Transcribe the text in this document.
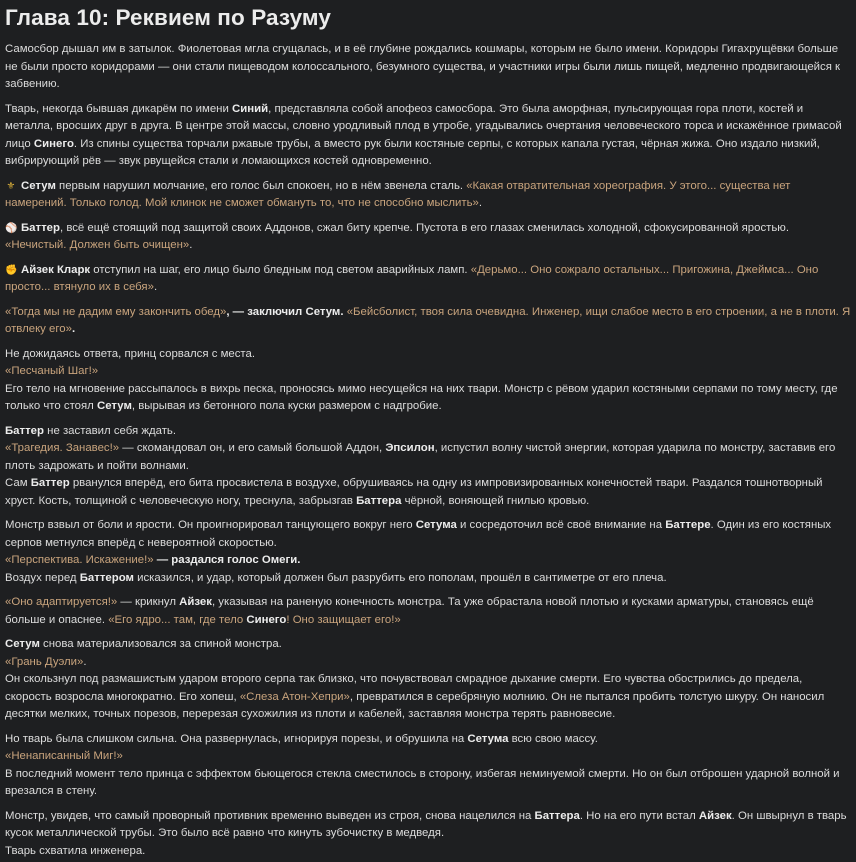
Глава 10: Реквием по Разуму

Самосбор дышал им в затылок. Фиолетовая мгла сгущалась, и в её глубине рождались кошмары, которым не было имени. Коридоры Гигахрущёвки больше не были просто коридорами — они стали пищеводом колоссального, безумного существа, и участники игры были лишь пищей, медленно продвигающейся к забвению.

Тварь, некогда бывшая дикарём по имени Синий, представляла собой апофеоз самосбора. Это была аморфная, пульсирующая гора плоти, костей и металла, вросших друг в друга. В центре этой массы, словно уродливый плод в утробе, угадывались очертания человеческого торса и искажённое гримасой лицо Синего. Из спины существа торчали ржавые трубы, а вместо рук были костяные серпы, с которых капала густая, чёрная жижа. Оно издало низкий, вибрирующий рёв — звук рвущейся стали и ломающихся костей одновременно.

⚜ Сетум первым нарушил молчание, его голос был спокоен, но в нём звенела сталь. «Какая отвратительная хореография. У этого... существа нет намерений. Только голод. Мой клинок не сможет обмануть то, что не способно мыслить».

⚾ Баттер, всё ещё стоящий под защитой своих Аддонов, сжал биту крепче. Пустота в его глазах сменилась холодной, сфокусированной яростью. «Нечистый. Должен быть очищен».

✊ Айзек Кларк отступил на шаг, его лицо было бледным под светом аварийных ламп. «Дерьмо... Оно сожрало остальных... Пригожина, Джеймса... Оно просто... втянуло их в себя».

«Тогда мы не дадим ему закончить обед», — заключил Сетум. «Бейсболист, твоя сила очевидна. Инженер, ищи слабое место в его строении, а не в плоти. Я отвлеку его».

Не дожидаясь ответа, принц сорвался с места.
«Песчаный Шаг!»
Его тело на мгновение рассыпалось в вихрь песка, проносясь мимо несущейся на них твари. Монстр с рёвом ударил костяными серпами по тому месту, где только что стоял Сетум, вырывая из бетонного пола куски размером с надгробие.

Баттер не заставил себя ждать.
«Трагедия. Занавес!» — скомандовал он, и его самый большой Аддон, Эпсилон, испустил волну чистой энергии, которая ударила по монстру, заставив его плоть задрожать и пойти волнами.
Сам Баттер рванулся вперёд, его бита просвистела в воздухе, обрушиваясь на одну из импровизированных конечностей твари. Раздался тошнотворный хруст. Кость, толщиной с человеческую ногу, треснула, забрызгав Баттера чёрной, воняющей гнилью кровью.

Монстр взвыл от боли и ярости. Он проигнорировал танцующего вокруг него Сетума и сосредоточил всё своё внимание на Баттере. Один из его костяных серпов метнулся вперёд с невероятной скоростью.
«Перспектива. Искажение!» — раздался голос Омеги.
Воздух перед Баттером исказился, и удар, который должен был разрубить его пополам, прошёл в сантиметре от его плеча.

«Оно адаптируется!» — крикнул Айзек, указывая на раненую конечность монстра. Та уже обрастала новой плотью и кусками арматуры, становясь ещё больше и опаснее. «Его ядро... там, где тело Синего! Оно защищает его!»

Сетум снова материализовался за спиной монстра.
«Грань Дуэли».
Он скользнул под размашистым ударом второго серпа так близко, что почувствовал смрадное дыхание смерти. Его чувства обострились до предела, скорость возросла многократно. Его хопеш, «Слеза Атон-Хепри», превратился в серебряную молнию. Он не пытался пробить толстую шкуру. Он наносил десятки мелких, точных порезов, перерезая сухожилия из плоти и кабелей, заставляя монстра терять равновесие.

Но тварь была слишком сильна. Она развернулась, игнорируя порезы, и обрушила на Сетума всю свою массу.
«Ненаписанный Миг!»
В последний момент тело принца с эффектом бьющегося стекла сместилось в сторону, избегая неминуемой смерти. Но он был отброшен ударной волной и врезался в стену.

Монстр, увидев, что самый проворный противник временно выведен из строя, снова нацелился на Баттера. Но на его пути встал Айзек. Он швырнул в тварь кусок металлической трубы. Это было всё равно что кинуть зубочистку в медведя.
Тварь схватила инженера.
